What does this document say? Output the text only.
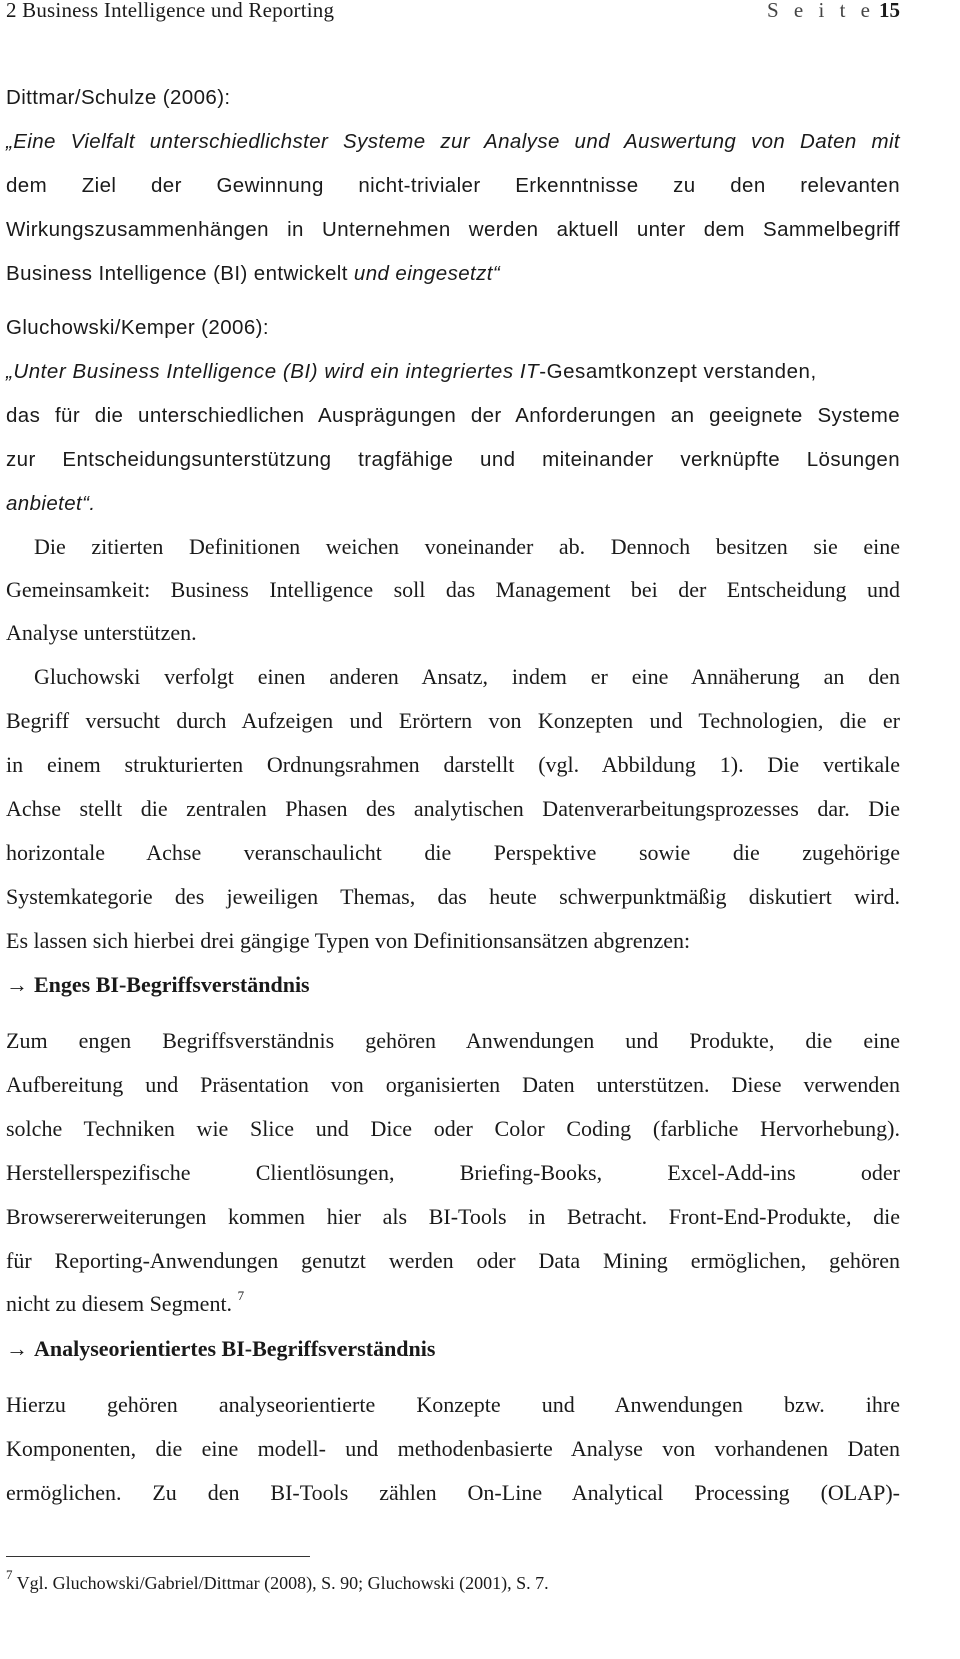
2 Business Intelligence und Reporting	S e i t e 15
Dittmar/Schulze (2006):
„Eine Vielfalt unterschiedlichster Systeme zur Analyse und Auswertung von Daten mit
dem Ziel der Gewinnung nicht-trivialer Erkenntnisse zu den relevanten
Wirkungszusammenhängen in Unternehmen werden aktuell unter dem Sammelbegriff
Business Intelligence (BI) entwickelt und eingesetzt“
Gluchowski/Kemper (2006):
„Unter Business Intelligence (BI) wird ein integriertes IT-Gesamtkonzept verstanden,
das für die unterschiedlichen Ausprägungen der Anforderungen an geeignete Systeme
zur Entscheidungsunterstützung tragfähige und miteinander verknüpfte Lösungen
anbietet“.
Die zitierten Definitionen weichen voneinander ab. Dennoch besitzen sie eine
Gemeinsamkeit: Business Intelligence soll das Management bei der Entscheidung und
Analyse unterstützen.
Gluchowski verfolgt einen anderen Ansatz, indem er eine Annäherung an den
Begriff versucht durch Aufzeigen und Erörtern von Konzepten und Technologien, die er
in einem strukturierten Ordnungsrahmen darstellt (vgl. Abbildung 1). Die vertikale
Achse stellt die zentralen Phasen des analytischen Datenverarbeitungsprozesses dar. Die
horizontale Achse veranschaulicht die Perspektive sowie die zugehörige
Systemkategorie des jeweiligen Themas, das heute schwerpunktmäßig diskutiert wird.
Es lassen sich hierbei drei gängige Typen von Definitionsansätzen abgrenzen:
→ Enges BI-Begriffsverständnis
Zum engen Begriffsverständnis gehören Anwendungen und Produkte, die eine
Aufbereitung und Präsentation von organisierten Daten unterstützen. Diese verwenden
solche Techniken wie Slice und Dice oder Color Coding (farbliche Hervorhebung).
Herstellerspezifische Clientlösungen, Briefing-Books, Excel-Add-ins oder
Browsererweiterungen kommen hier als BI-Tools in Betracht. Front-End-Produkte, die
für Reporting-Anwendungen genutzt werden oder Data Mining ermöglichen, gehören
nicht zu diesem Segment. $^7$
→ Analyseorientiertes BI-Begriffsverständnis
Hierzu gehören analyseorientierte Konzepte und Anwendungen bzw. ihre
Komponenten, die eine modell- und methodenbasierte Analyse von vorhandenen Daten
ermöglichen. Zu den BI-Tools zählen On-Line Analytical Processing (OLAP)-
$^7$ Vgl. Gluchowski/Gabriel/Dittmar (2008), S. 90; Gluchowski (2001), S. 7.
